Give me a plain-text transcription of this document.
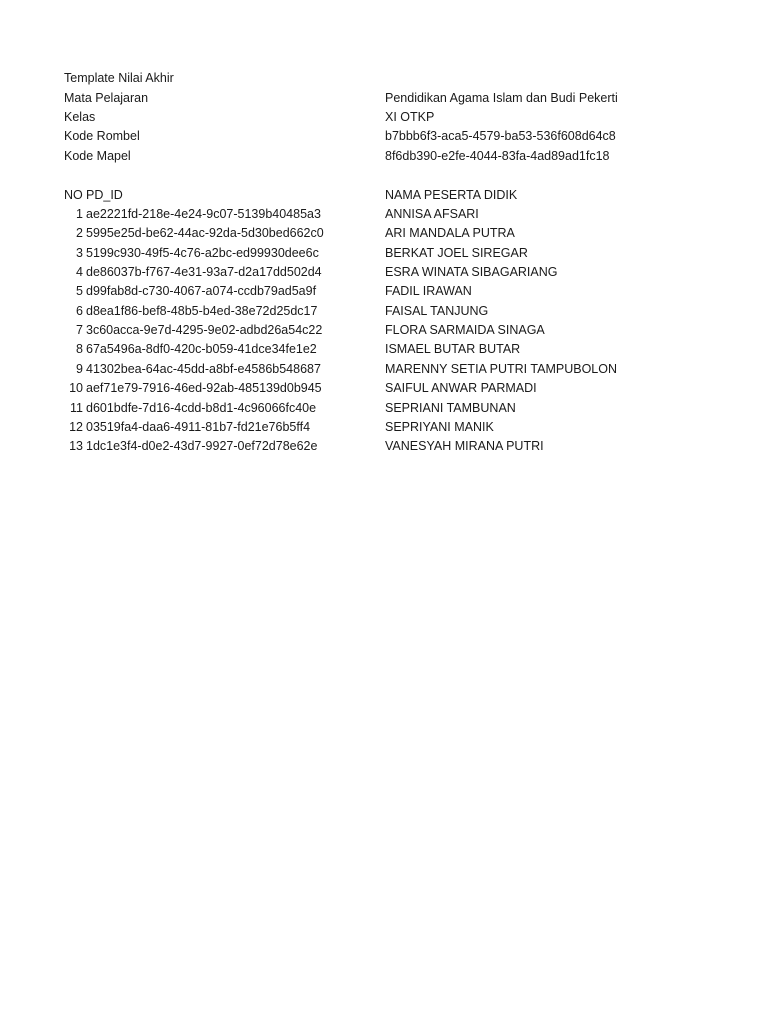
Template Nilai Akhir
Mata Pelajaran	Pendidikan Agama Islam dan Budi Pekerti
Kelas	XI OTKP
Kode Rombel	b7bbb6f3-aca5-4579-ba53-536f608d64c8
Kode Mapel	8f6db390-e2fe-4044-83fa-4ad89ad1fc18
NO PD_ID	NAMA PESERTA DIDIK
1 ae2221fd-218e-4e24-9c07-5139b40485a3	ANNISA AFSARI
2 5995e25d-be62-44ac-92da-5d30bed662c0	ARI MANDALA PUTRA
3 5199c930-49f5-4c76-a2bc-ed99930dee6c	BERKAT JOEL SIREGAR
4 de86037b-f767-4e31-93a7-d2a17dd502d4	ESRA WINATA SIBAGARIANG
5 d99fab8d-c730-4067-a074-ccdb79ad5a9f	FADIL IRAWAN
6 d8ea1f86-bef8-48b5-b4ed-38e72d25dc17	FAISAL TANJUNG
7 3c60acca-9e7d-4295-9e02-adbd26a54c22	FLORA SARMAIDA SINAGA
8 67a5496a-8df0-420c-b059-41dce34fe1e2	ISMAEL BUTAR BUTAR
9 41302bea-64ac-45dd-a8bf-e4586b548687	MARENNY SETIA PUTRI TAMPUBOLON
10 aef71e79-7916-46ed-92ab-485139d0b945	SAIFUL ANWAR PARMADI
11 d601bdfe-7d16-4cdd-b8d1-4c96066fc40e	SEPRIANI TAMBUNAN
12 03519fa4-daa6-4911-81b7-fd21e76b5ff4	SEPRIYANI MANIK
13 1dc1e3f4-d0e2-43d7-9927-0ef72d78e62e	VANESYAH MIRANA PUTRI
